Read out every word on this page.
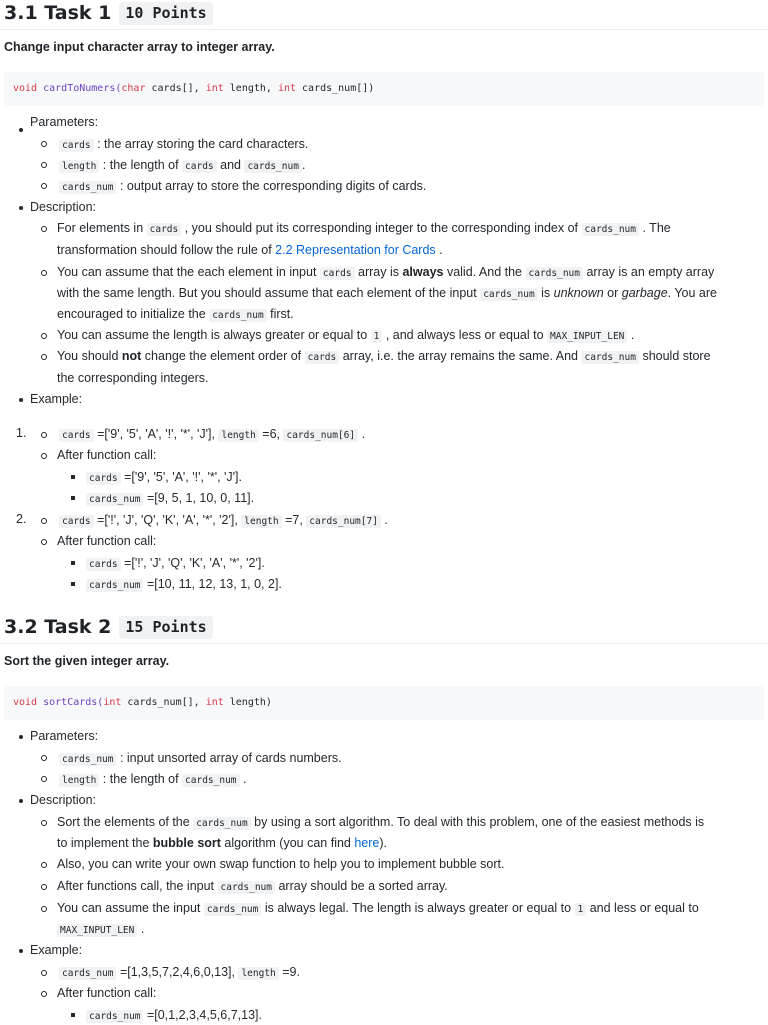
3.1 Task 1 10 Points
Change input character array to integer array.
void cardToNumers(char cards[], int length, int cards_num[])
Parameters:
cards : the array storing the card characters.
length : the length of cards and cards_num .
cards_num : output array to store the corresponding digits of cards.
Description:
For elements in cards , you should put its corresponding integer to the corresponding index of cards_num . The
transformation should follow the rule of 2.2 Representation for Cards .
You can assume that the each element in input cards array is always valid. And the cards_num array is an empty array
with the same length. But you should assume that each element of the input cards_num is unknown or garbage. You are
encouraged to initialize the cards_num first.
You can assume the length is always greater or equal to 1 , and always less or equal to MAX_INPUT_LEN .
You should not change the element order of cards array, i.e. the array remains the same. And cards_num should store
the corresponding integers.
Example:
1.	cards =['9', '5', 'A', '!', '*', 'J'], length =6, cards_num[6] .
After function call:
cards =['9', '5', 'A', '!', '*', 'J'].
cards_num =[9, 5, 1, 10, 0, 11].
2.	cards =['!', 'J', 'Q', 'K', 'A', '*', '2'], length =7, cards_num[7] .
After function call:
cards =['!', 'J', 'Q', 'K', 'A', '*', '2'].
cards_num =[10, 11, 12, 13, 1, 0, 2].
3.2 Task 2 15 Points
Sort the given integer array.
void sortCards(int cards_num[], int length)
Parameters:
cards_num : input unsorted array of cards numbers.
length : the length of cards_num .
Description:
Sort the elements of the cards_num by using a sort algorithm. To deal with this problem, one of the easiest methods is
to implement the bubble sort algorithm (you can find here).
Also, you can write your own swap function to help you to implement bubble sort.
After functions call, the input cards_num array should be a sorted array.
You can assume the input cards_num is always legal. The length is always greater or equal to 1 and less or equal to
MAX_INPUT_LEN .
Example:
cards_num =[1,3,5,7,2,4,6,0,13], length =9.
After function call:
cards_num =[0,1,2,3,4,5,6,7,13].
